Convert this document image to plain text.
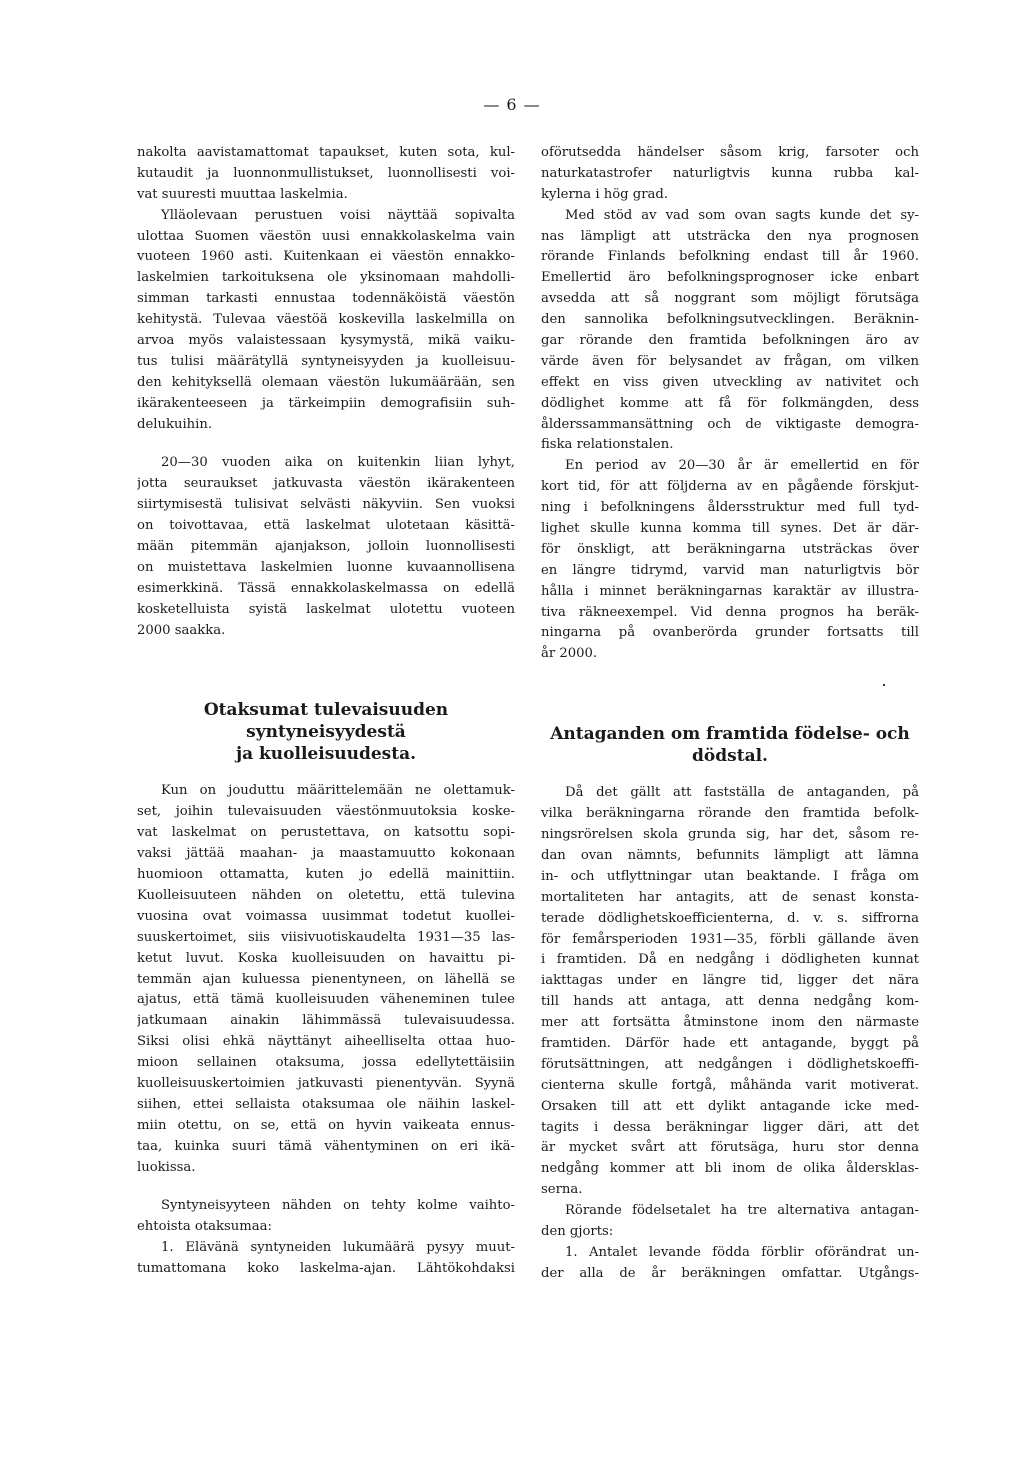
— 6 —
nakolta aavistamattomat tapaukset, kuten sota, kul-
kutaudit ja luonnonmullistukset, luonnollisesti voi-
vat suuresti muuttaa laskelmia.
Ylläolevaan perustuen voisi näyttää sopivalta
ulottaa Suomen väestön uusi ennakkolaskelma vain
vuoteen 1960 asti. Kuitenkaan ei väestön ennakko-
laskelmien tarkoituksena ole yksinomaan mahdolli-
simman tarkasti ennustaa todennäköistä väestön
kehitystä. Tulevaa väestöä koskevilla laskelmilla on
arvoa myös valaistessaan kysymystä, mikä vaiku-
tus tulisi määrätyllä syntyneisyyden ja kuolleisuu-
den kehityksellä olemaan väestön lukumäärään, sen
ikärakenteeseen ja tärkeimpiin demografisiin suh-
delukuihin.
20—30 vuoden aika on kuitenkin liian lyhyt,
jotta seuraukset jatkuvasta väestön ikärakenteen
siirtymisestä tulisivat selvästi näkyviin. Sen vuoksi
on toivottavaa, että laskelmat ulotetaan käsittä-
mään pitemmän ajanjakson, jolloin luonnollisesti
on muistettava laskelmien luonne kuvaannollisena
esimerkkinä. Tässä ennakkolaskelmassa on edellä
kosketelluista syistä laskelmat ulotettu vuoteen
2000 saakka.
Otaksumat tulevaisuuden syntyneisyydestä
ja kuolleisuudesta.
Kun on jouduttu määrittelemään ne olettamuk-
set, joihin tulevaisuuden väestönmuutoksia koske-
vat laskelmat on perustettava, on katsottu sopi-
vaksi jättää maahan- ja maastamuutto kokonaan
huomioon ottamatta, kuten jo edellä mainittiin.
Kuolleisuuteen nähden on oletettu, että tulevina
vuosina ovat voimassa uusimmat todetut kuollei-
suuskertoimet, siis viisivuotiskaudelta 1931—35 las-
ketut luvut. Koska kuolleisuuden on havaittu pi-
temmän ajan kuluessa pienentyneen, on lähellä se
ajatus, että tämä kuolleisuuden väheneminen tulee
jatkumaan ainakin lähimmässä tulevaisuudessa.
Siksi olisi ehkä näyttänyt aiheelliselta ottaa huo-
mioon sellainen otaksuma, jossa edellytettäisiin
kuolleisuuskertoimien jatkuvasti pienentyvän. Syynä
siihen, ettei sellaista otaksumaa ole näihin laskel-
miin otettu, on se, että on hyvin vaikeata ennus-
taa, kuinka suuri tämä vähentyminen on eri ikä-
luokissa.
Syntyneisyyteen nähden on tehty kolme vaihto-
ehtoista otaksumaa:
1. Elävänä syntyneiden lukumäärä pysyy muut-
tumattomana koko laskelma-ajan. Lähtökohdaksi
oförutsedda händelser såsom krig, farsoter och
naturkatastrofer naturligtvis kunna rubba kal-
kylerna i hög grad.
Med stöd av vad som ovan sagts kunde det sy-
nas lämpligt att utsträcka den nya prognosen
rörande Finlands befolkning endast till år 1960.
Emellertid äro befolkningsprognoser icke enbart
avsedda att så noggrant som möjligt förutsäga
den sannolika befolkningsutvecklingen. Beräknin-
gar rörande den framtida befolkningen äro av
värde även för belysandet av frågan, om vilken
effekt en viss given utveckling av nativitet och
dödlighet komme att få för folkmängden, dess
ålderssammansättning och de viktigaste demogra-
fiska relationstalen.
En period av 20—30 år är emellertid en för
kort tid, för att följderna av en pågående förskjut-
ning i befolkningens åldersstruktur med full tyd-
lighet skulle kunna komma till synes. Det är där-
för önskligt, att beräkningarna utsträckas över
en längre tidrymd, varvid man naturligtvis bör
hålla i minnet beräkningarnas karaktär av illustra-
tiva räkneexempel. Vid denna prognos ha beräk-
ningarna på ovanberörda grunder fortsatts till
år 2000.
Antaganden om framtida födelse- och
dödstal.
Då det gällt att fastställa de antaganden, på
vilka beräkningarna rörande den framtida befolk-
ningsrörelsen skola grunda sig, har det, såsom re-
dan ovan nämnts, befunnits lämpligt att lämna
in- och utflyttningar utan beaktande. I fråga om
mortaliteten har antagits, att de senast konsta-
terade dödlighetskoefficienterna, d. v. s. siffrorna
för femårsperioden 1931—35, förbli gällande även
i framtiden. Då en nedgång i dödligheten kunnat
iakttagas under en längre tid, ligger det nära
till hands att antaga, att denna nedgång kom-
mer att fortsätta åtminstone inom den närmaste
framtiden. Därför hade ett antagande, byggt på
förutsättningen, att nedgången i dödlighetskoeffi-
cienterna skulle fortgå, måhända varit motiverat.
Orsaken till att ett dylikt antagande icke med-
tagits i dessa beräkningar ligger däri, att det
är mycket svårt att förutsäga, huru stor denna
nedgång kommer att bli inom de olika åldersklas-
serna.
Rörande födelsetalet ha tre alternativa antagan-
den gjorts:
1. Antalet levande födda förblir oförändrat un-
der alla de år beräkningen omfattar. Utgångs-
